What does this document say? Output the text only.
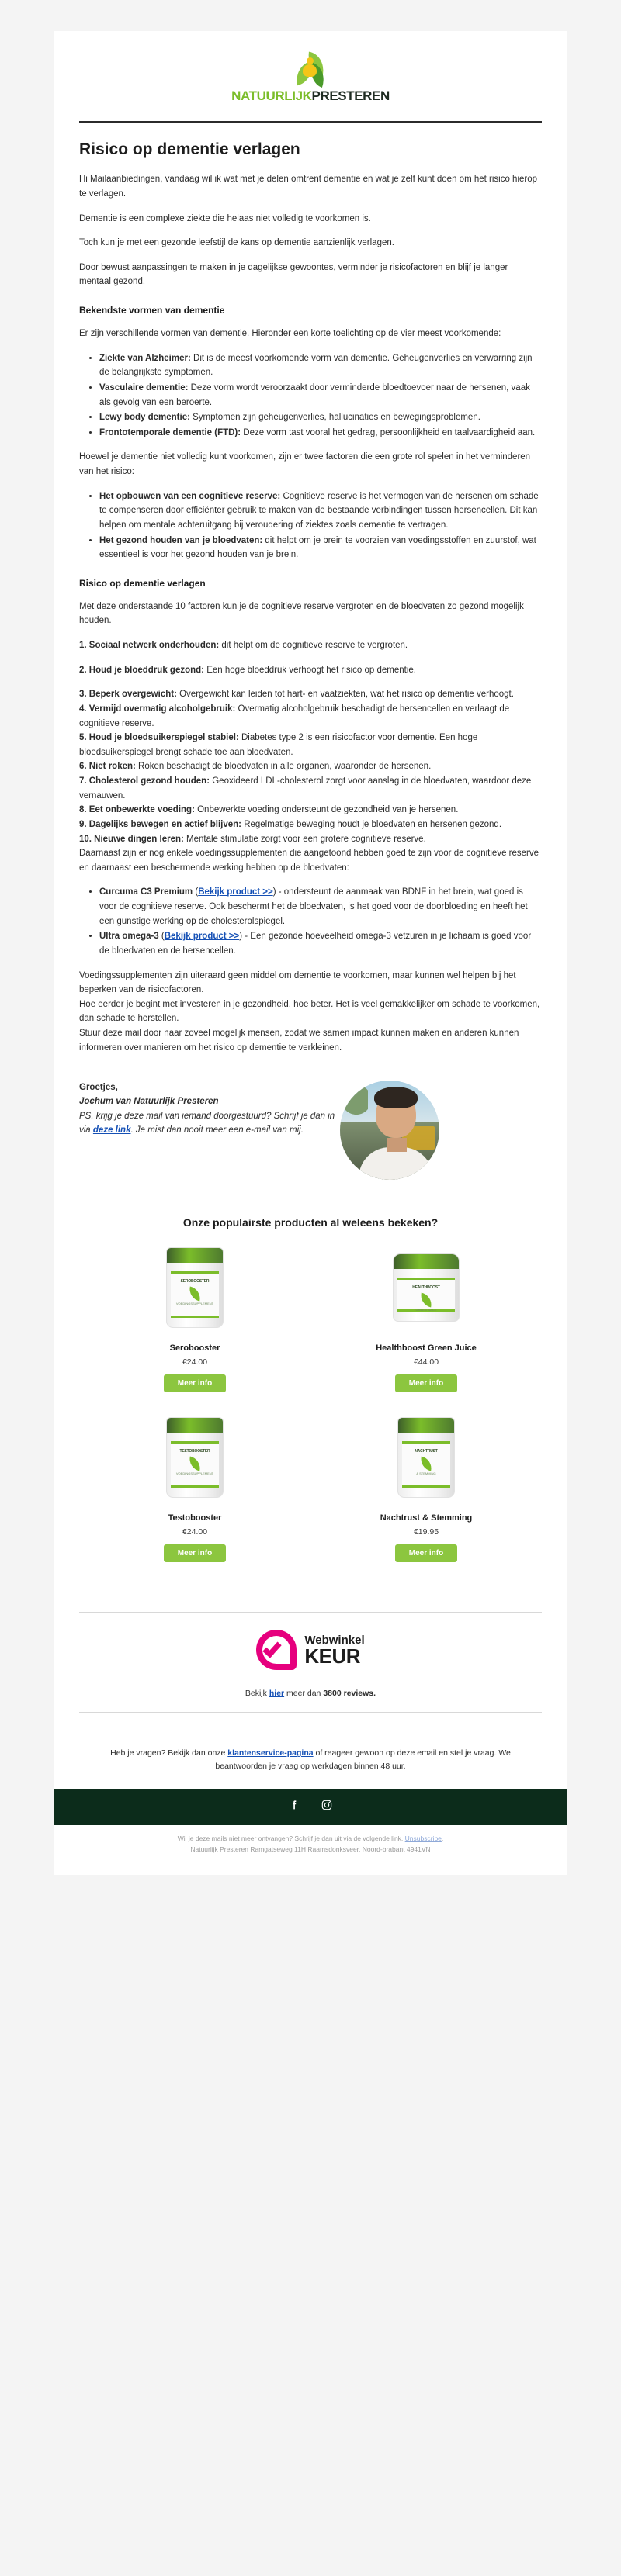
NATUURLIJKPRESTEREN
Risico op dementie verlagen

Hi Mailaanbiedingen, vandaag wil ik wat met je delen omtrent dementie en wat je zelf kunt doen om het risico hierop te verlagen.

Dementie is een complexe ziekte die helaas niet volledig te voorkomen is.

Toch kun je met een gezonde leefstijl de kans op dementie aanzienlijk verlagen.

Door bewust aanpassingen te maken in je dagelijkse gewoontes, verminder je risicofactoren en blijf je langer mentaal gezond.

Bekendste vormen van dementie

Er zijn verschillende vormen van dementie. Hieronder een korte toelichting op de vier meest voorkomende:

• Ziekte van Alzheimer: Dit is de meest voorkomende vorm van dementie. Geheugenverlies en verwarring zijn de belangrijkste symptomen.
• Vasculaire dementie: Deze vorm wordt veroorzaakt door verminderde bloedtoevoer naar de hersenen, vaak als gevolg van een beroerte.
• Lewy body dementie: Symptomen zijn geheugenverlies, hallucinaties en bewegingsproblemen.
• Frontotemporale dementie (FTD): Deze vorm tast vooral het gedrag, persoonlijkheid en taalvaardigheid aan.

Hoewel je dementie niet volledig kunt voorkomen, zijn er twee factoren die een grote rol spelen in het verminderen van het risico:

• Het opbouwen van een cognitieve reserve: Cognitieve reserve is het vermogen van de hersenen om schade te compenseren door efficiënter gebruik te maken van de bestaande verbindingen tussen hersencellen. Dit kan helpen om mentale achteruitgang bij veroudering of ziektes zoals dementie te vertragen.
• Het gezond houden van je bloedvaten: dit helpt om je brein te voorzien van voedingsstoffen en zuurstof, wat essentieel is voor het gezond houden van je brein.
Risico op dementie verlagen

Met deze onderstaande 10 factoren kun je de cognitieve reserve vergroten en de bloedvaten zo gezond mogelijk houden.

1. Sociaal netwerk onderhouden: dit helpt om de cognitieve reserve te vergroten.

2. Houd je bloeddruk gezond: Een hoge bloeddruk verhoogt het risico op dementie.

3. Beperk overgewicht: Overgewicht kan leiden tot hart- en vaatziekten, wat het risico op dementie verhoogt.

4. Vermijd overmatig alcoholgebruik: Overmatig alcoholgebruik beschadigt de hersencellen en verlaagt de cognitieve reserve.

5. Houd je bloedsuikerspiegel stabiel: Diabetes type 2 is een risicofactor voor dementie. Een hoge bloedsuikerspiegel brengt schade toe aan bloedvaten.

6. Niet roken: Roken beschadigt de bloedvaten in alle organen, waaronder de hersenen.

7. Cholesterol gezond houden: Geoxideerd LDL-cholesterol zorgt voor aanslag in de bloedvaten, waardoor deze vernauwen.

8. Eet onbewerkte voeding: Onbewerkte voeding ondersteunt de gezondheid van je hersenen.

9. Dagelijks bewegen en actief blijven: Regelmatige beweging houdt je bloedvaten en hersenen gezond.

10. Nieuwe dingen leren: Mentale stimulatie zorgt voor een grotere cognitieve reserve.

Daarnaast zijn er nog enkele voedingssupplementen die aangetoond hebben goed te zijn voor de cognitieve reserve en daarnaast een beschermende werking hebben op de bloedvaten:

• Curcuma C3 Premium (Bekijk product >>) - ondersteunt de aanmaak van BDNF in het brein, wat goed is voor de cognitieve reserve. Ook beschermt het de bloedvaten, is het goed voor de doorbloeding en heeft het een gunstige werking op de cholesterolspiegel.
• Ultra omega-3 (Bekijk product >>) - Een gezonde hoeveelheid omega-3 vetzuren in je lichaam is goed voor de bloedvaten en de hersencellen.

Voedingssupplementen zijn uiteraard geen middel om dementie te voorkomen, maar kunnen wel helpen bij het beperken van de risicofactoren.

Hoe eerder je begint met investeren in je gezondheid, hoe beter. Het is veel gemakkelijker om schade te voorkomen, dan schade te herstellen.

Stuur deze mail door naar zoveel mogelijk mensen, zodat we samen impact kunnen maken en anderen kunnen informeren over manieren om het risico op dementie te verkleinen.

Groetjes,
Jochum van Natuurlijk Presteren
PS. krijg je deze mail van iemand doorgestuurd? Schrijf je dan in via deze link. Je mist dan nooit meer een e-mail van mij.
Onze populairste producten al weleens bekeken?
SEROBOOSTER
VOEDINGSSUPPLEMENT
Serobooster
€24.00
Meer info
HEALTHBOOST
GREEN JUICE
Healthboost Green Juice
€44.00
Meer info
TESTOBOOSTER
VOEDINGSSUPPLEMENT
Testobooster
€24.00
Meer info
NACHTRUST
& STEMMING
Nachtrust & Stemming
€19.95
Meer info
Webwinkel
KEUR

Bekijk hier meer dan 3800 reviews.

Heb je vragen? Bekijk dan onze klantenservice-pagina of reageer gewoon op deze email en stel je vraag. We beantwoorden je vraag op werkdagen binnen 48 uur.

Wil je deze mails niet meer ontvangen? Schrijf je dan uit via de volgende link. Unsubscribe.
Natuurlijk Presteren Ramgatseweg 11H Raamsdonksveer, Noord-brabant 4941VN
